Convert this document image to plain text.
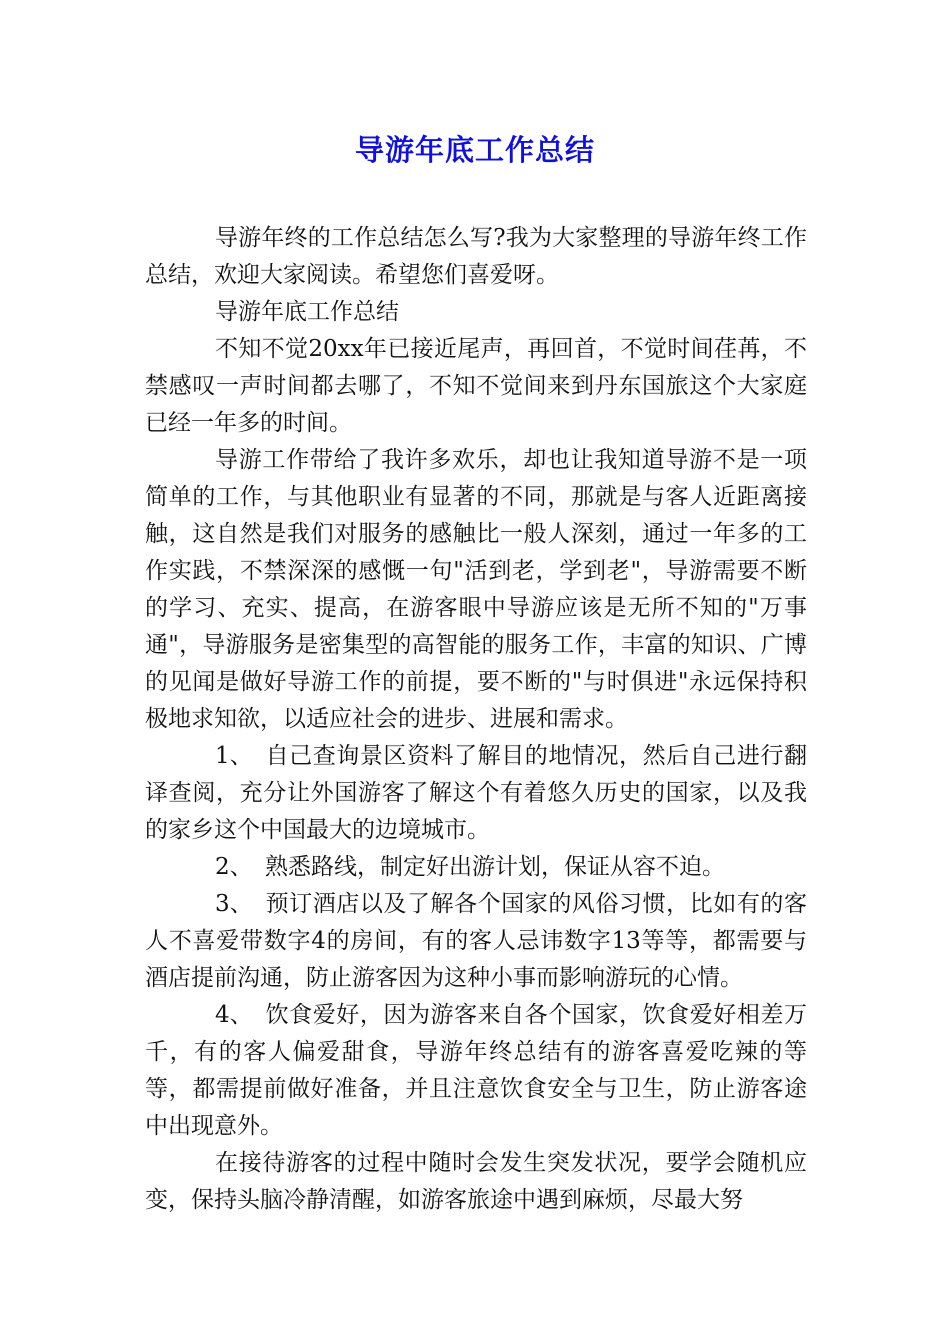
导游年底工作总结

导游年终的工作总结怎么写?我为大家整理的导游年终工作总结，欢迎大家阅读。希望您们喜爱呀。

导游年底工作总结

不知不觉20xx年已接近尾声，再回首，不觉时间荏苒，不禁感叹一声时间都去哪了，不知不觉间来到丹东国旅这个大家庭已经一年多的时间。

导游工作带给了我许多欢乐，却也让我知道导游不是一项简单的工作，与其他职业有显著的不同，那就是与客人近距离接触，这自然是我们对服务的感触比一般人深刻，通过一年多的工作实践，不禁深深的感慨一句"活到老，学到老"，导游需要不断的学习、充实、提高，在游客眼中导游应该是无所不知的"万事通"，导游服务是密集型的高智能的服务工作，丰富的知识、广博的见闻是做好导游工作的前提，要不断的"与时俱进"永远保持积极地求知欲，以适应社会的进步、进展和需求。

1、 自己查询景区资料了解目的地情况，然后自己进行翻译查阅，充分让外国游客了解这个有着悠久历史的国家，以及我的家乡这个中国最大的边境城市。

2、 熟悉路线，制定好出游计划，保证从容不迫。

3、 预订酒店以及了解各个国家的风俗习惯，比如有的客人不喜爱带数字4的房间，有的客人忌讳数字13等等，都需要与酒店提前沟通，防止游客因为这种小事而影响游玩的心情。

4、 饮食爱好，因为游客来自各个国家，饮食爱好相差万千，有的客人偏爱甜食，导游年终总结有的游客喜爱吃辣的等等，都需提前做好准备，并且注意饮食安全与卫生，防止游客途中出现意外。

在接待游客的过程中随时会发生突发状况，要学会随机应变，保持头脑冷静清醒，如游客旅途中遇到麻烦，尽最大努
